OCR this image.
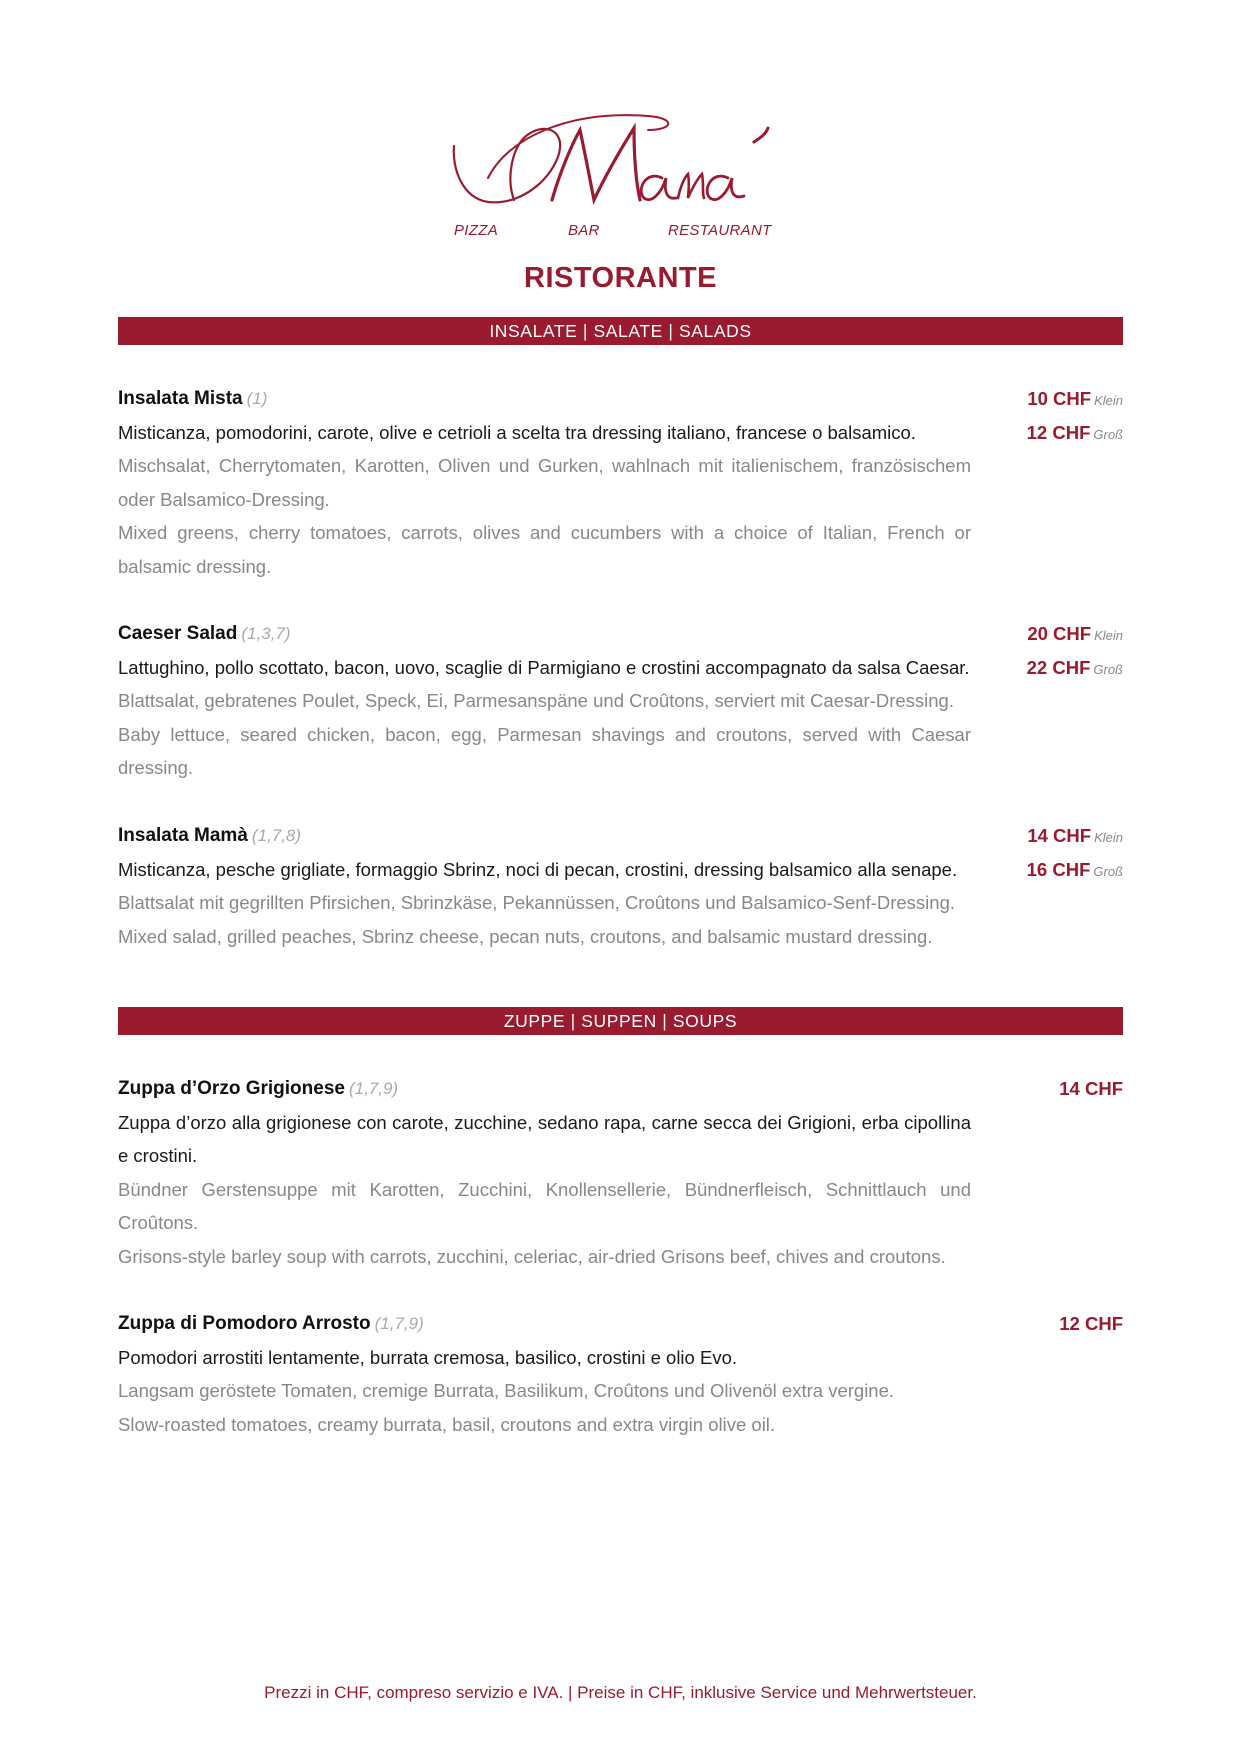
PIZZA	BAR	RESTAURANT
RISTORANTE
INSALATE | SALATE | SALADS
Insalata Mista (1)
Misticanza, pomodorini, carote, olive e cetrioli a scelta tra dressing italiano, francese o balsamico.
Mischsalat, Cherrytomaten, Karotten, Oliven und Gurken, wahlnach mit italienischem, französischem oder Balsamico-Dressing.
Mixed greens, cherry tomatoes, carrots, olives and cucumbers with a choice of Italian, French or balsamic dressing.
10 CHF Klein
12 CHF Groß
Caeser Salad (1,3,7)
Lattughino, pollo scottato, bacon, uovo, scaglie di Parmigiano e crostini accompagnato da salsa Caesar.
Blattsalat, gebratenes Poulet, Speck, Ei, Parmesanspäne und Croûtons, serviert mit Caesar-Dressing.
Baby lettuce, seared chicken, bacon, egg, Parmesan shavings and croutons, served with Caesar dressing.
20 CHF Klein
22 CHF Groß
Insalata Mamà (1,7,8)
Misticanza, pesche grigliate, formaggio Sbrinz, noci di pecan, crostini, dressing balsamico alla senape.
Blattsalat mit gegrillten Pfirsichen, Sbrinzkäse, Pekannüssen, Croûtons und Balsamico-Senf-Dressing.
Mixed salad, grilled peaches, Sbrinz cheese, pecan nuts, croutons, and balsamic mustard dressing.
14 CHF Klein
16 CHF Groß
ZUPPE | SUPPEN | SOUPS
Zuppa d’Orzo Grigionese (1,7,9)
Zuppa d’orzo alla grigionese con carote, zucchine, sedano rapa, carne secca dei Grigioni, erba cipollina e crostini.
Bündner Gerstensuppe mit Karotten, Zucchini, Knollensellerie, Bündnerfleisch, Schnittlauch und Croûtons.
Grisons-style barley soup with carrots, zucchini, celeriac, air-dried Grisons beef, chives and croutons.
14 CHF
Zuppa di Pomodoro Arrosto (1,7,9)
Pomodori arrostiti lentamente, burrata cremosa, basilico, crostini e olio Evo.
Langsam geröstete Tomaten, cremige Burrata, Basilikum, Croûtons und Olivenöl extra vergine.
Slow-roasted tomatoes, creamy burrata, basil, croutons and extra virgin olive oil.
12 CHF
Prezzi in CHF, compreso servizio e IVA. | Preise in CHF, inklusive Service und Mehrwertsteuer.
